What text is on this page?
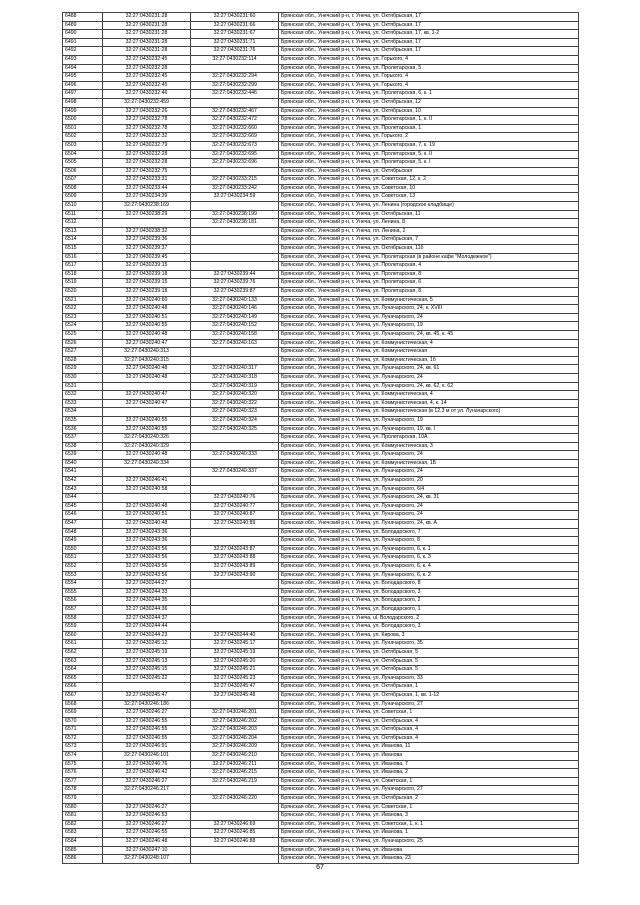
6488	32:27:0430231:28	32:27:0430231:60	Брянская обл., Унечский р-н, г. Унеча, ул. Октябрьская, 17
6489	32:27:0430231:28	32:27:0430231:66	Брянская обл., Унечский р-н, г. Унеча, ул. Октябрьская, 17
6490	32:27:0430231:28	32:27:0430231:67	Брянская обл., Унечский р-н, г. Унеча, ул. Октябрьская, 17, кв. 1-2
6491	32:27:0430231:28	32:27:0430231:71	Брянская обл., Унечский р-н, г. Унеча, ул. Октябрьская, 17
6492	32:27:0430231:28	32:27:0430231:76	Брянская обл., Унечский р-н, г. Унеча, ул. Октябрьская, 17
6493	32:27:0430232:45	32:27:0430232:114	Брянская обл., Унечский р-н, г. Унеча, ул. Горького, 4
6494	32:27:0430232:28		Брянская обл., Унечский р-н, г. Унеча, ул. Пролетарская, 5
6495	32:27:0430232:45	32:27:0430232:294	Брянская обл., Унечский р-н, г. Унеча, ул. Горького, 4
6496	32:27:0430232:45	32:27:0430232:299	Брянская обл., Унечский р-н, г. Унеча, ул. Горького, 4
6497	32:27:0430232:46	32:27:0430232:446	Брянская обл., Унечский р-н, г. Унеча, ул. Пролетарская, 6, к. 1
6498	32:27:0430232:459		Брянская обл., Унечский р-н, г. Унеча, ул. Октябрьская, 12
6499	32:27:0430232:26	32:27:0430232:467	Брянская обл., Унечский р-н, г. Унеча, ул. Октябрьская, 10
6500	32:27:0430232:78	32:27:0430232:472	Брянская обл., Унечский р-н, г. Унеча, ул. Пролетарская, 1, к. II
6501	32:27:0430232:78	32:27:0430232:660	Брянская обл., Унечский р-н, г. Унеча, ул. Пролетарская, 1
6502	32:27:0430232:32	32:27:0430232:669	Брянская обл., Унечский р-н, г. Унеча, ул. Горького, 2
6503	32:27:0430232:79	32:27:0430232:673	Брянская обл., Унечский р-н, г. Унеча, ул. Пролетарская, 7, к. 19
6504	32:27:0430232:28	32:27:0430232:695	Брянская обл., Унечский р-н, г. Унеча, ул. Пролетарская, 5, к. II
6505	32:27:0430232:28	32:27:0430232:696	Брянская обл., Унечский р-н, г. Унеча, ул. Пролетарская, 5, к. I
6506	32:27:0430232:75		Брянская обл., Унечский р-н, г. Унеча, ул. Октябрьская
6507	32:27:0430233:31	32:27:0430233:215	Брянская обл., Унечский р-н, г. Унеча, ул. Советская, 12, к. 2
6508	32:27:0430233:44	32:27:0430233:242	Брянская обл., Унечский р-н, г. Унеча, ул. Советская, 10
6509	32:27:0430234:39	32:27:0430234:59	Брянская обл., Унечский р-н, г. Унеча, ул. Советская, 13
6510	32:27:0430238:169		Брянская обл., Унечский р-н, г. Унеча, ул. Ленина (городское кладбище)
6511	32:27:0430238:29	32:27:0430238:199	Брянская обл., Унечский р-н, г. Унеча, ул. Октябрьская, 11
6512		32:27:0430238:181	Брянская обл., Унечский р-н, г. Унеча, ул. Ленина, 8
6513	32:27:0430238:32		Брянская обл., Унечский р-н, г. Унеча, пл. Ленина, 2
6514	32:27:0430239:36		Брянская обл., Унечский р-н, г. Унеча, ул. Октябрьская, 7
6515	32:27:0430239:37		Брянская обл., Унечский р-н, г. Унеча, ул. Октябрьская, 11б
6516	32:27:0430239:45		Брянская обл., Унечский р-н, г. Унеча, ул. Пролетарская (в районе кафе "Молодежное")
6517	32:27:0430239:15		Брянская обл., Унечский р-н, г. Унеча, ул. Пролетарская, 4
6518	32:27:0430239:18	32:27:0430239:44	Брянская обл., Унечский р-н, г. Унеча, ул. Пролетарская, 8
6519	32:27:0430239:15	32:27:0430239:76	Брянская обл., Унечский р-н, г. Унеча, ул. Пролетарская, 6
6520	32:27:0430239:18	32:27:0430239:87	Брянская обл., Унечский р-н, г. Унеча, ул. Пролетарская, 8
6521	32:27:0430240:60	32:27:0430240:133	Брянская обл., Унечский р-н, г. Унеча, ул. Коммунистическая, 5
6522	32:27:0430240:48	32:27:0430240:146	Брянская обл., Унечский р-н, г. Унеча, ул. Луначарского, 24, к. XVIII
6523	32:27:0430240:51	32:27:0430240:149	Брянская обл., Унечский р-н, г. Унеча, ул. Луначарского, 24
6524	32:27:0430240:55	32:27:0430240:152	Брянская обл., Унечский р-н, г. Унеча, ул. Луначарского, 19
6525	32:27:0430240:48	32:27:0430240:158	Брянская обл., Унечский р-н, г. Унеча, ул. Луначарского, 24, кв. 45, к. 45
6526	32:27:0430240:47	32:27:0430240:163	Брянская обл., Унечский р-н, г. Унеча, ул. Коммунистическая, 4
6527	32:27:0430240:313		Брянская обл., Унечский р-н, г. Унеча, ул. Коммунистическая
6528	32:27:0430240:315		Брянская обл., Унечский р-н, г. Унеча, ул. Коммунистическая, 1б
6529	32:27:0430240:48	32:27:0430240:317	Брянская обл., Унечский р-н, г. Унеча, ул. Луначарского, 24, кв. 61
6530	32:27:0430240:48	32:27:0430240:318	Брянская обл., Унечский р-н, г. Унеча, ул. Луначарского, 24
6531		32:27:0430240:319	Брянская обл., Унечский р-н, г. Унеча, ул. Луначарского, 24, кв. 62, к. 62
6532	32:27:0430240:47	32:27:0430240:320	Брянская обл., Унечский р-н, г. Унеча, ул. Коммунистическая, 4
6533	32:27:0430240:47	32:27:0430240:322	Брянская обл., Унечский р-н, г. Унеча, ул. Коммунистическая, 4, к. 14
6534		32:27:0430240:323	Брянская обл., Унечский р-н, г. Унеча, ул. Коммунистическая (в 12,3 м от ул. Луначарского)
6535	32:27:0430240:55	32:27:0430240:324	Брянская обл., Унечский р-н, г. Унеча, ул. Луначарского, 19
6536	32:27:0430240:55	32:27:0430240:325	Брянская обл., Унечский р-н, г. Унеча, ул. Луначарского, 19, кв. I
6537	32:27:0430240:326		Брянская обл., Унечский р-н, г. Унеча, ул. Пролетарская, 10А
6538	32:27:0430240:329		Брянская обл., Унечский р-н, г. Унеча, ул. Коммунистическая, 3
6539	32:27:0430240:48	32:27:0430240:333	Брянская обл., Унечский р-н, г. Унеча, ул. Луначарского, 24
6540	32:27:0430240:334		Брянская обл., Унечский р-н, г. Унеча, ул. Коммунистическая, 1Б
6541		32:27:0430240:337	Брянская обл., Унечский р-н, г. Унеча, ул. Луначарского, 24
6542	32:27:0430246:41		Брянская обл., Унечский р-н, г. Унеча, ул. Луначарского, 20
6543	32:27:0430240:58		Брянская обл., Унечский р-н, г. Унеча, ул. Луначарского, 6/4
6544		32:27:0430240:76	Брянская обл., Унечский р-н, г. Унеча, ул. Луначарского, 24, кв. 31
6545	32:27:0430240:48	32:27:0430240:77	Брянская обл., Унечский р-н, г. Унеча, ул. Луначарского, 24
6546	32:27:0430240:51	32:27:0430240:87	Брянская обл., Унечский р-н, г. Унеча, ул. Луначарского, 24
6547	32:27:0430240:48	32:27:0430240:89	Брянская обл., Унечский р-н, г. Унеча, ул. Луначарского, 24, кв. А
6548	32:27:0430243:36		Брянская обл., Унечский р-н, г. Унеча, ул. Володарского, 7
6549	32:27:0430243:36		Брянская обл., Унечский р-н, г. Унеча, ул. Луначарского, 8
6550	32:27:0430243:56	32:27:0430243:87	Брянская обл., Унечский р-н, г. Унеча, ул. Луначарского, 6, к. 1
6551	32:27:0430243:56	32:27:0430243:88	Брянская обл., Унечский р-н, г. Унеча, ул. Луначарского, 6, к. 3
6552	32:27:0430243:56	32:27:0430243:89	Брянская обл., Унечский р-н, г. Унеча, ул. Луначарского, 6, к. 4
6553	32:27:0430243:56	32:27:0430243:90	Брянская обл., Унечский р-н, г. Унеча, ул. Луначарского, 6, к. 2
6554	32:27:0430244:27		Брянская обл., Унечский р-н, г. Унеча, ул. Володарского, 8
6555	32:27:0430244:33		Брянская обл., Унечский р-н, г. Унеча, ул. Володарского, 3
6556	32:27:0430244:35		Брянская обл., Унечский р-н, г. Унеча, ул. Володарского, 2
6557	32:27:0430244:36		Брянская обл., Унечский р-н, г. Унеча, ул. Володарского, 1
6558	32:27:0430244:37		Брянская обл., Унечский р-н, г. Унеча, ul. Володарского, 2
6559	32:27:0430244:44		Брянская обл., Унечский р-н, г. Унеча, ул. Володарского, 3
6560	32:27:0430244:23	32:27:0430244:40	Брянская обл., Унечский р-н, г. Унеча, ул. Кирова, 3
6561	32:27:0430245:12	32:27:0430245:17	Брянская обл., Унечский р-н, г. Унеча, ул. Луначарского, 35
6562	32:27:0430245:19	32:27:0430245:19	Брянская обл., Унечский р-н, г. Унеча, ул. Октябрьская, 5
6563	32:27:0430245:13	32:27:0430245:20	Брянская обл., Унечский р-н, г. Унеча, ул. Октябрьская, 5
6564	32:27:0430245:15	32:27:0430245:21	Брянская обл., Унечский р-н, г. Унеча, ул. Октябрьская, 5
6565	32:27:0430245:22	32:27:0430245:23	Брянская обл., Унечский р-н, г. Унеча, ул. Луначарского, 33
6566		32:27:0430245:47	Брянская обл., Унечский р-н, г. Унеча, ул. Октябрьская, 1
6567	32:27:0430245:47	32:27:0430245:48	Брянская обл., Унечский р-н, г. Унеча, ул. Октябрьская, 1, кв. 1-12
6568	32:27:0430246:186		Брянская обл., Унечский р-н, г. Унеча, ул. Луначарского, 27
6569	32:27:0430246:27	32:27:0430246:201	Брянская обл., Унечский р-н, г. Унеча, ул. Советская, 1
6570	32:27:0430246:55	32:27:0430246:202	Брянская обл., Унечский р-н, г. Унеча, ул. Октябрьская, 4
6571	32:27:0430246:55	32:27:0430246:203	Брянская обл., Унечский р-н, г. Унеча, ул. Октябрьская, 4
6572	32:27:0430246:55	32:27:0430246:204	Брянская обл., Унечский р-н, г. Унеча, ул. Октябрьская, 4
6573	32:27:0430246:91	32:27:0430246:209	Брянская обл., Унечский р-н, г. Унеча, ул. Иванова, 11
6574	32:27:0430246:101	32:27:0430246:210	Брянская обл., Унечский р-н, г. Унеча, ул. Иванова
6575	32:27:0430246:76	32:27:0430246:211	Брянская обл., Унечский р-н, г. Унеча, ул. Иванова, 7
6576	32:27:0430246:42	32:27:0430246:215	Брянская обл., Унечский р-н, г. Унеча, ул. Иванова, 2
6577	32:27:0430246:27	32:27:0430246:219	Брянская обл., Унечский р-н, г. Унеча, ул. Советская, 1
6578	32:27:0430246:217		Брянская обл., Унечский р-н, г. Унеча, ул. Луначарского, 27
6579		32:27:0430246:220	Брянская обл., Унечский р-н, г. Унеча, ул. Октябрьская, 2
6580	32:27:0430246:27		Брянская обл., Унечский р-н, г. Унеча, ул. Советская, 1
6581	32:27:0430246:53		Брянская обл., Унечский р-н, г. Унеча, ул. Иванова, 3
6582	32:27:0430246:27	32:27:0430246:69	Брянская обл., Унечский р-н, г. Унеча, ул. Советская, 1, к. 1
6583	32:27:0430246:55	32:27:0430246:85	Брянская обл., Унечский р-н, г. Унеча, ул. Иванова, 1
6584	32:27:0430246:48	32:27:0430246:88	Брянская обл., Унечский р-н, г. Унеча, ул. Луначарского, 25
6585	32:27:0430247:10		Брянская обл., Унечский р-н, г. Унеча, ул. Иванова
6586	32:27:0430248:107		Брянская обл., Унечский р-н, г. Унеча, ул. Иванова, 23
67
